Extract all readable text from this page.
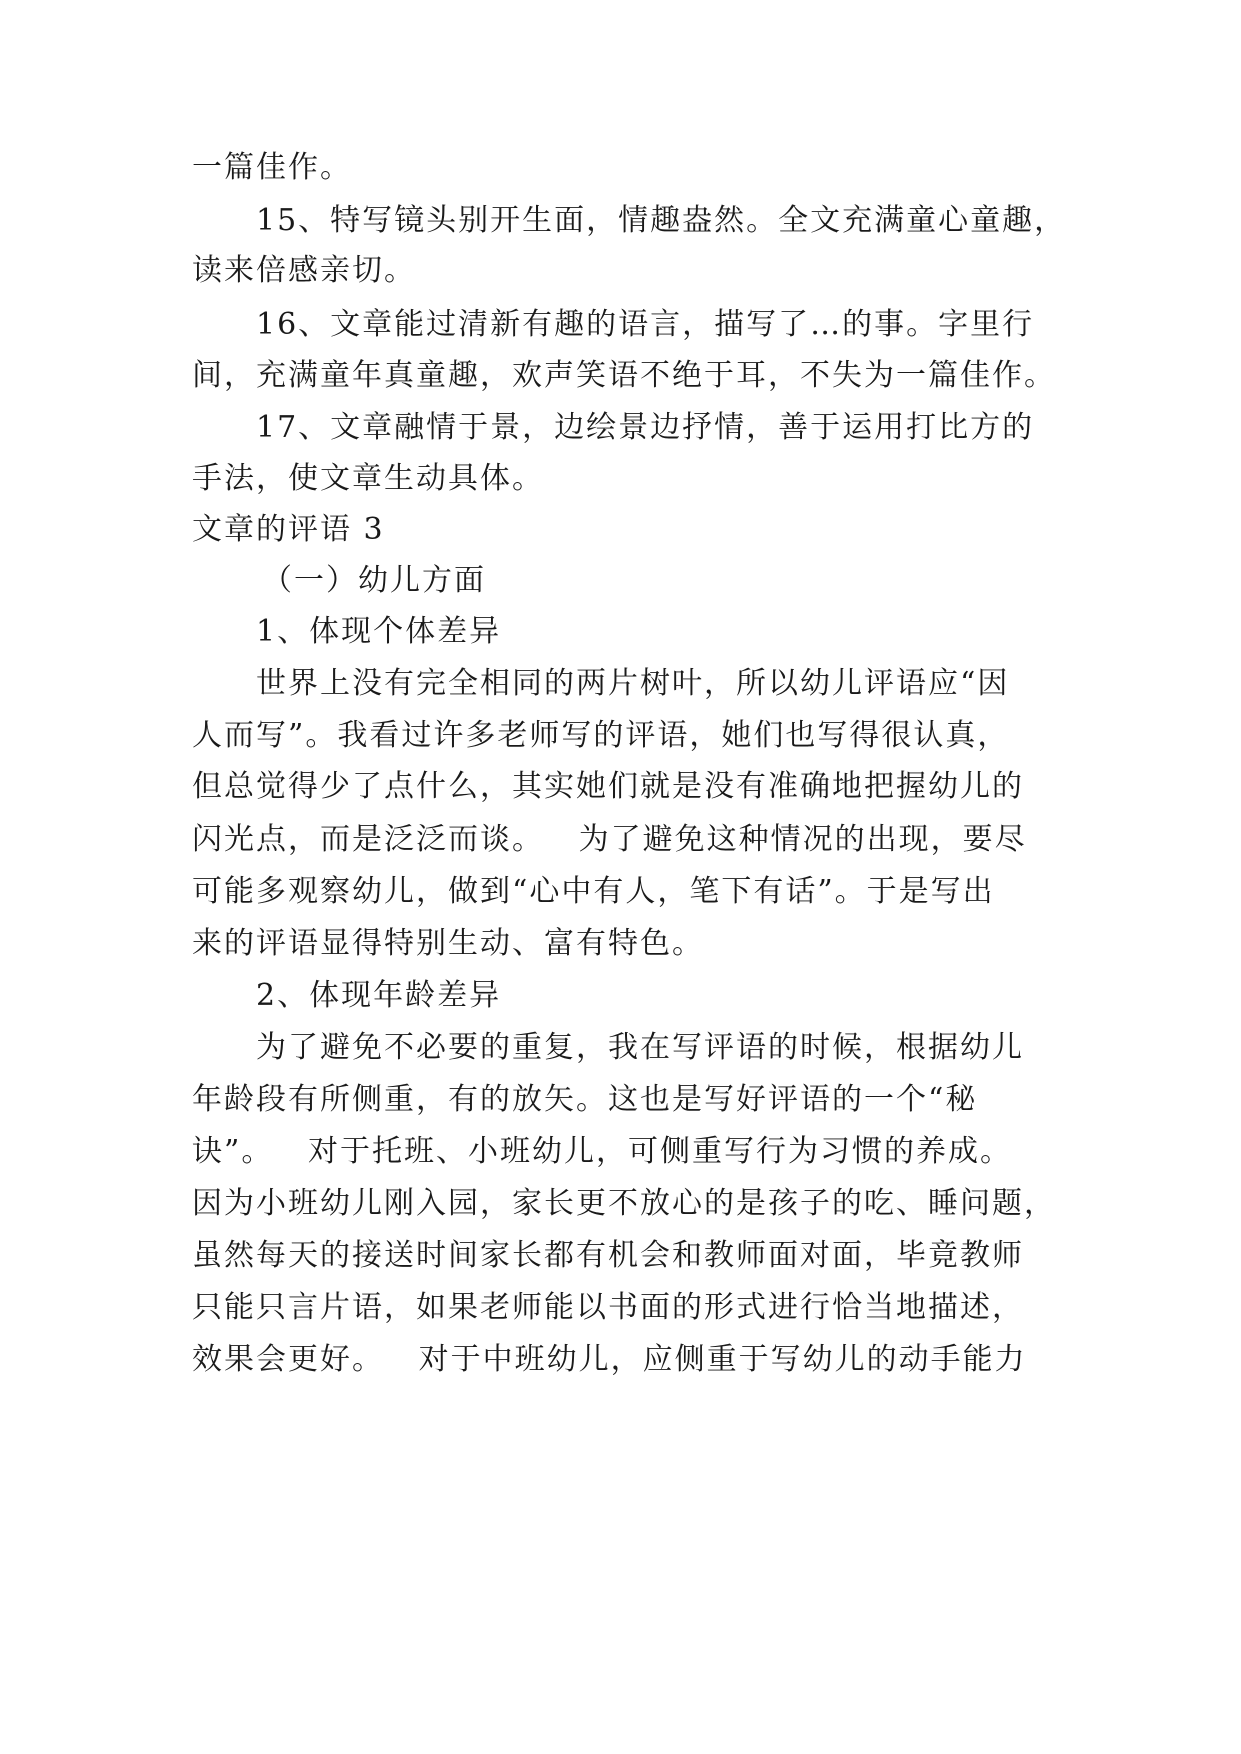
一篇佳作。
15、特写镜头别开生面，情趣盎然。全文充满童心童趣，
读来倍感亲切。
16、文章能过清新有趣的语言，描写了…的事。字里行
间，充满童年真童趣，欢声笑语不绝于耳，不失为一篇佳作。
17、文章融情于景，边绘景边抒情，善于运用打比方的
手法，使文章生动具体。
文章的评语 3
（一）幼儿方面
1、体现个体差异
世界上没有完全相同的两片树叶，所以幼儿评语应“因
人而写”。我看过许多老师写的评语，她们也写得很认真，
但总觉得少了点什么，其实她们就是没有准确地把握幼儿的
闪光点，而是泛泛而谈。   为了避免这种情况的出现，要尽
可能多观察幼儿，做到“心中有人，笔下有话”。于是写出
来的评语显得特别生动、富有特色。
2、体现年龄差异
为了避免不必要的重复，我在写评语的时候，根据幼儿
年龄段有所侧重，有的放矢。这也是写好评语的一个“秘
诀”。   对于托班、小班幼儿，可侧重写行为习惯的养成。
因为小班幼儿刚入园，家长更不放心的是孩子的吃、睡问题，
虽然每天的接送时间家长都有机会和教师面对面，毕竟教师
只能只言片语，如果老师能以书面的形式进行恰当地描述，
效果会更好。   对于中班幼儿，应侧重于写幼儿的动手能力
